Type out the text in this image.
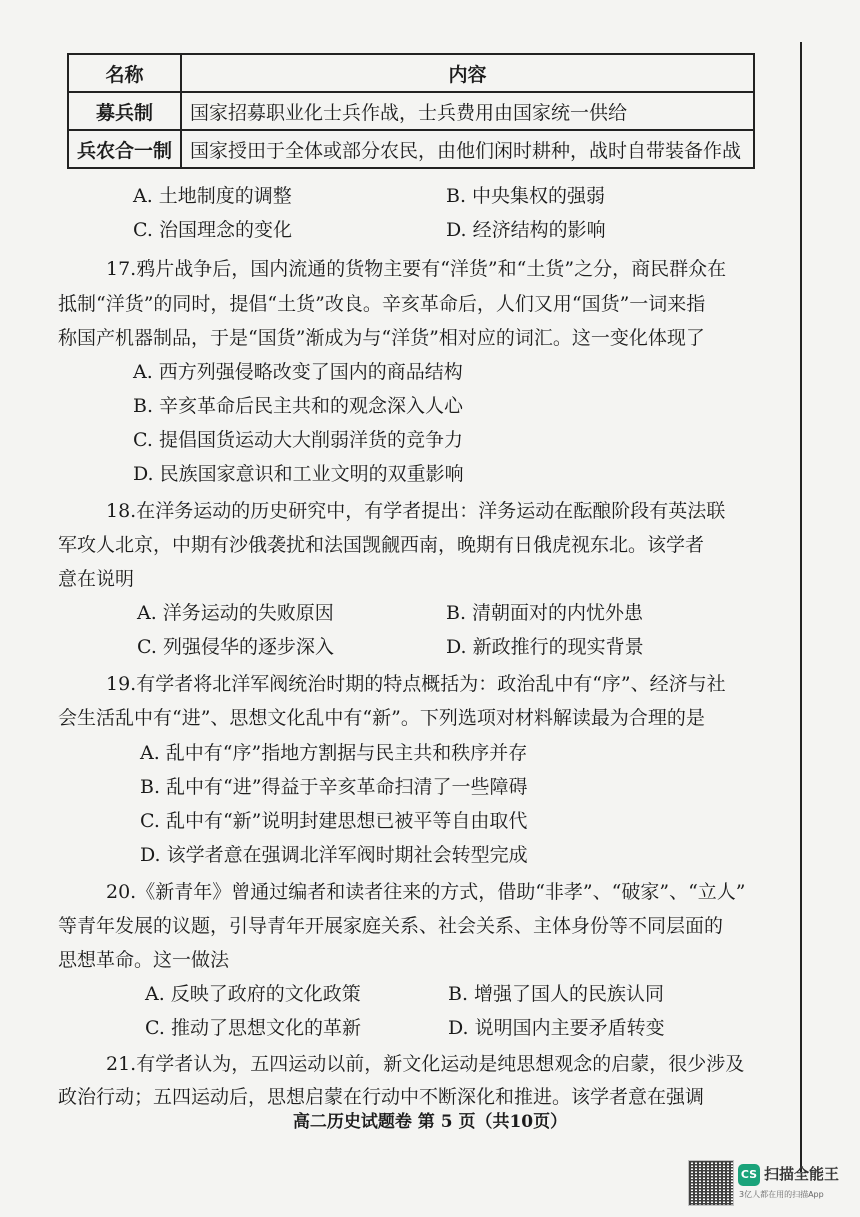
名称	内容
募兵制	国家招募职业化士兵作战，士兵费用由国家统一供给
兵农合一制	国家授田于全体或部分农民，由他们闲时耕种，战时自带装备作战
A. 土地制度的调整	B. 中央集权的强弱
C. 治国理念的变化	D. 经济结构的影响
17.鸦片战争后，国内流通的货物主要有“洋货”和“土货”之分，商民群众在
抵制“洋货”的同时，提倡“土货”改良。辛亥革命后，人们又用“国货”一词来指
称国产机器制品，于是“国货”渐成为与“洋货”相对应的词汇。这一变化体现了
A. 西方列强侵略改变了国内的商品结构
B. 辛亥革命后民主共和的观念深入人心
C. 提倡国货运动大大削弱洋货的竞争力
D. 民族国家意识和工业文明的双重影响
18.在洋务运动的历史研究中，有学者提出：洋务运动在酝酿阶段有英法联
军攻人北京，中期有沙俄袭扰和法国觊觎西南，晚期有日俄虎视东北。该学者
意在说明
A. 洋务运动的失败原因	B. 清朝面对的内忧外患
C. 列强侵华的逐步深入	D. 新政推行的现实背景
19.有学者将北洋军阀统治时期的特点概括为：政治乱中有“序”、经济与社
会生活乱中有“进”、思想文化乱中有“新”。下列选项对材料解读最为合理的是
A. 乱中有“序”指地方割据与民主共和秩序并存
B. 乱中有“进”得益于辛亥革命扫清了一些障碍
C. 乱中有“新”说明封建思想已被平等自由取代
D. 该学者意在强调北洋军阀时期社会转型完成
20.《新青年》曾通过编者和读者往来的方式，借助“非孝”、“破家”、“立人”
等青年发展的议题，引导青年开展家庭关系、社会关系、主体身份等不同层面的
思想革命。这一做法
A. 反映了政府的文化政策	B. 增强了国人的民族认同
C. 推动了思想文化的革新	D. 说明国内主要矛盾转变
21.有学者认为，五四运动以前，新文化运动是纯思想观念的启蒙，很少涉及
政治行动；五四运动后，思想启蒙在行动中不断深化和推进。该学者意在强调
高二历史试题卷 第 5 页（共10页）
CS 扫描全能王
3亿人都在用的扫描App
